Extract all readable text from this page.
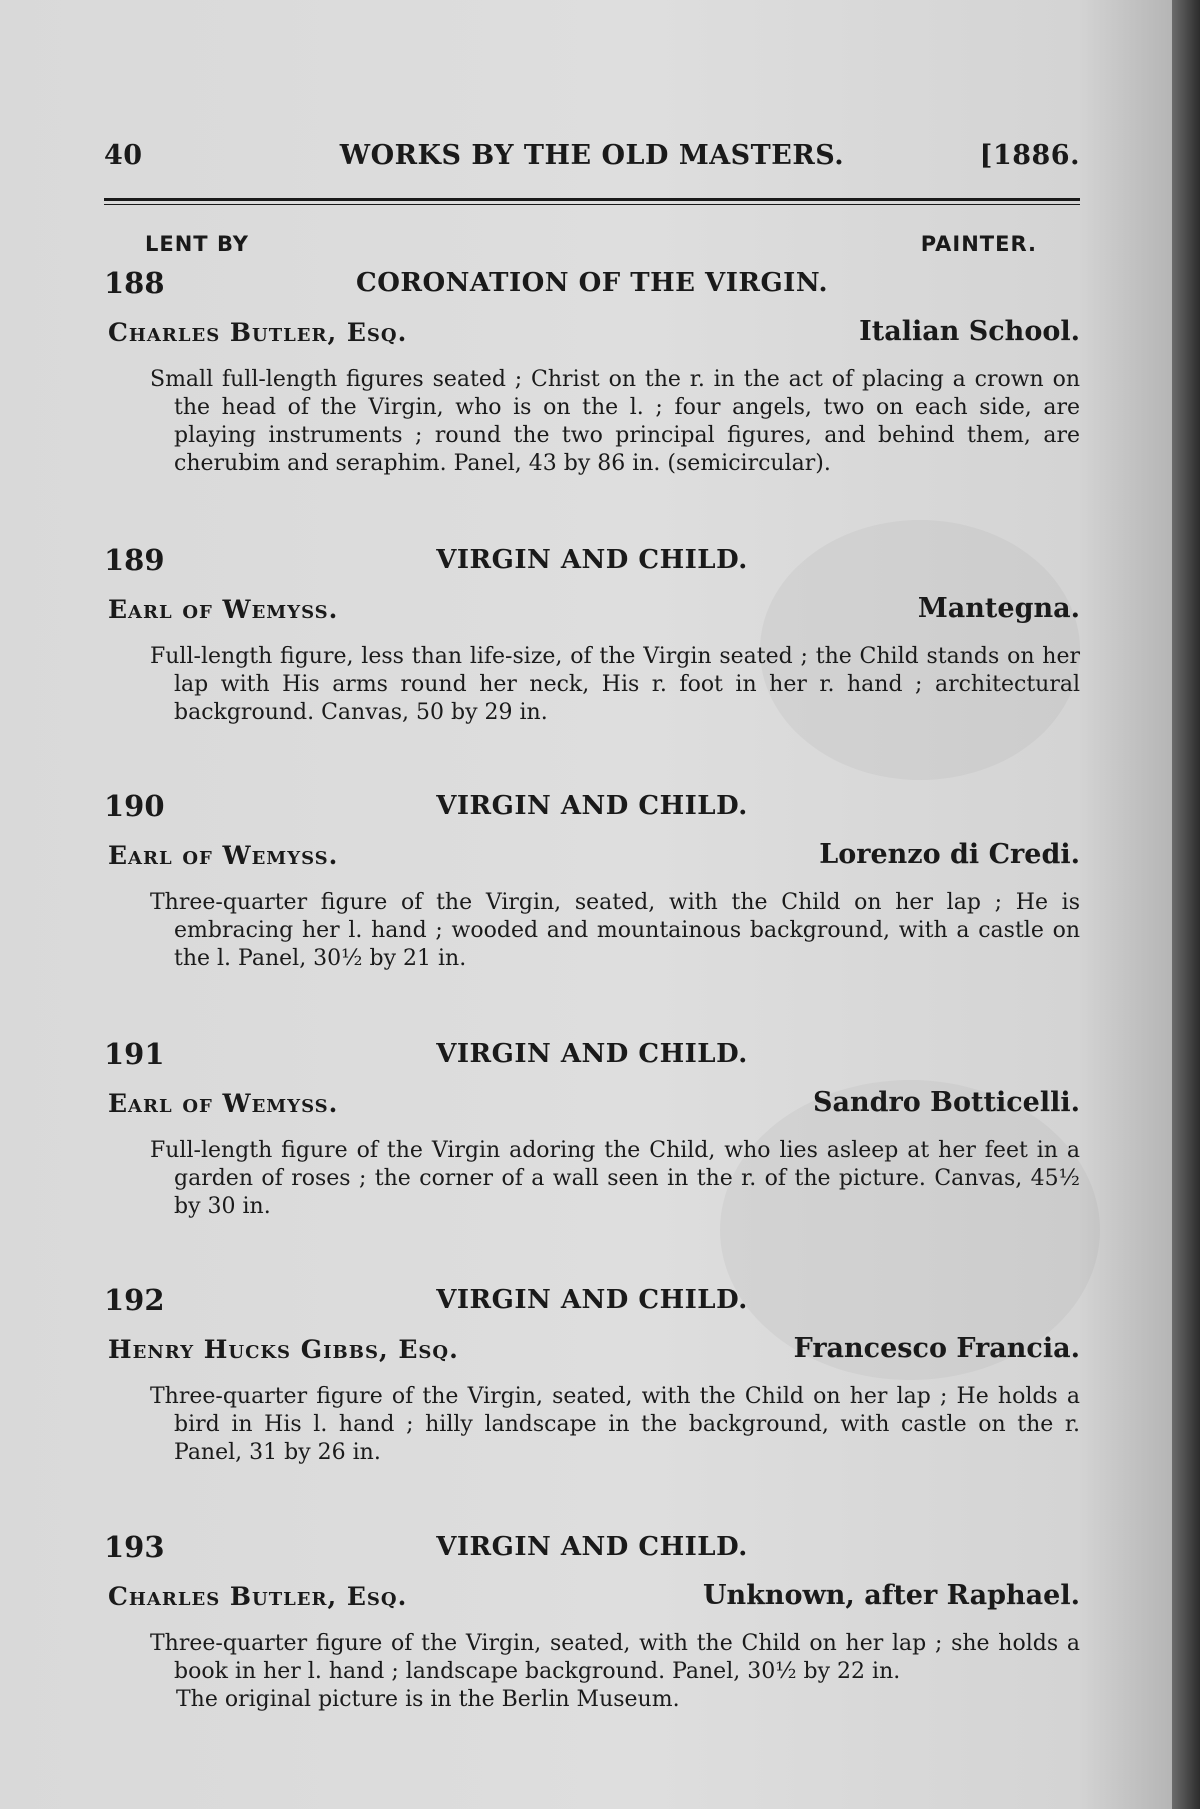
40	WORKS BY THE OLD MASTERS.	[1886.
LENT BY	PAINTER.
188	CORONATION OF THE VIRGIN.
Charles Butler, Esq.	Italian School.
Small full-length figures seated ; Christ on the r. in the act of placing a crown on the head of the Virgin, who is on the l. ; four angels, two on each side, are playing instruments ; round the two principal figures, and behind them, are cherubim and seraphim. Panel, 43 by 86 in. (semicircular).
189	VIRGIN AND CHILD.
Earl of Wemyss.	Mantegna.
Full-length figure, less than life-size, of the Virgin seated ; the Child stands on her lap with His arms round her neck, His r. foot in her r. hand ; architectural background. Canvas, 50 by 29 in.
190	VIRGIN AND CHILD.
Earl of Wemyss.	Lorenzo di Credi.
Three-quarter figure of the Virgin, seated, with the Child on her lap ; He is embracing her l. hand ; wooded and mountainous background, with a castle on the l. Panel, 30½ by 21 in.
191	VIRGIN AND CHILD.
Earl of Wemyss.	Sandro Botticelli.
Full-length figure of the Virgin adoring the Child, who lies asleep at her feet in a garden of roses ; the corner of a wall seen in the r. of the picture. Canvas, 45½ by 30 in.
192	VIRGIN AND CHILD.
Henry Hucks Gibbs, Esq.	Francesco Francia.
Three-quarter figure of the Virgin, seated, with the Child on her lap ; He holds a bird in His l. hand ; hilly landscape in the background, with castle on the r. Panel, 31 by 26 in.
193	VIRGIN AND CHILD.
Charles Butler, Esq.	Unknown, after Raphael.
Three-quarter figure of the Virgin, seated, with the Child on her lap ; she holds a book in her l. hand ; landscape background. Panel, 30½ by 22 in.
The original picture is in the Berlin Museum.
